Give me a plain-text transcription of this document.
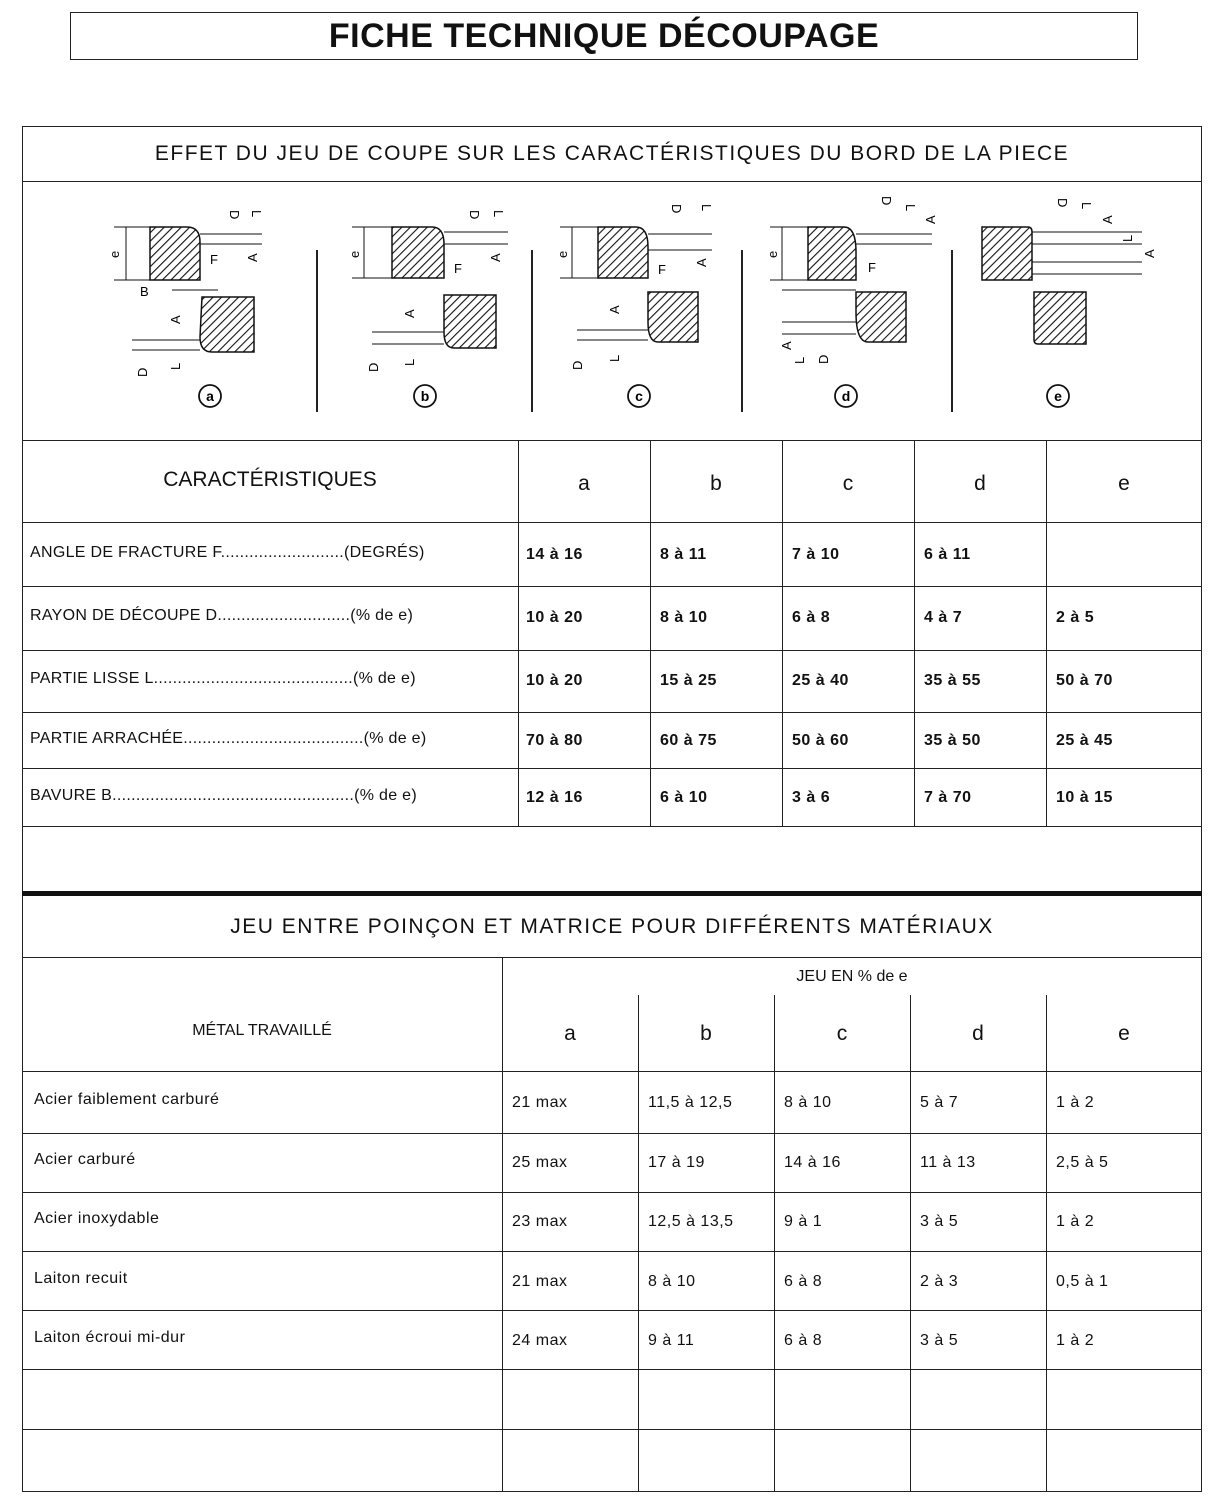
FICHE TECHNIQUE DÉCOUPAGE
EFFET DU JEU DE COUPE SUR LES CARACTÉRISTIQUES DU BORD DE LA PIECE
e	F
B
D L
A
A
D
L
e
F
D L
A
A
D
L
e
F
D L
A
A
D
L
e
F
D
L
A
A
D
L
D L
A
L
A
a	b	c	d	e
CARACTÉRISTIQUES	a	b	c	d	e
ANGLE DE FRACTURE F..........................(DEGRÉS)	14 à 16	8 à 11	7 à 10	6 à 11
RAYON DE DÉCOUPE D............................(% de e)	10 à 20	8 à 10	6 à 8	4 à 7	2 à 5
PARTIE LISSE L..........................................(% de e)	10 à 20	15 à 25	25 à 40	35 à 55	50 à 70
PARTIE ARRACHÉE......................................(% de e)	70 à 80	60 à 75	50 à 60	35 à 50	25 à 45
BAVURE B...................................................(% de e)	12 à 16	6 à 10	3 à 6	7 à 70	10 à 15
JEU ENTRE POINÇON ET MATRICE POUR DIFFÉRENTS MATÉRIAUX
MÉTAL TRAVAILLÉ
JEU EN % de e
a	b	c	d	e
Acier faiblement carburé	21 max	11,5 à 12,5	8 à 10	5 à 7	1 à 2
Acier carburé	25 max	17 à 19	14 à 16	11 à 13	2,5 à 5
Acier inoxydable	23 max	12,5 à 13,5	9 à 1	3 à 5	1 à 2
Laiton recuit	21 max	8 à 10	6 à 8	2 à 3	0,5 à 1
Laiton écroui mi-dur	24 max	9 à 11	6 à 8	3 à 5	1 à 2
